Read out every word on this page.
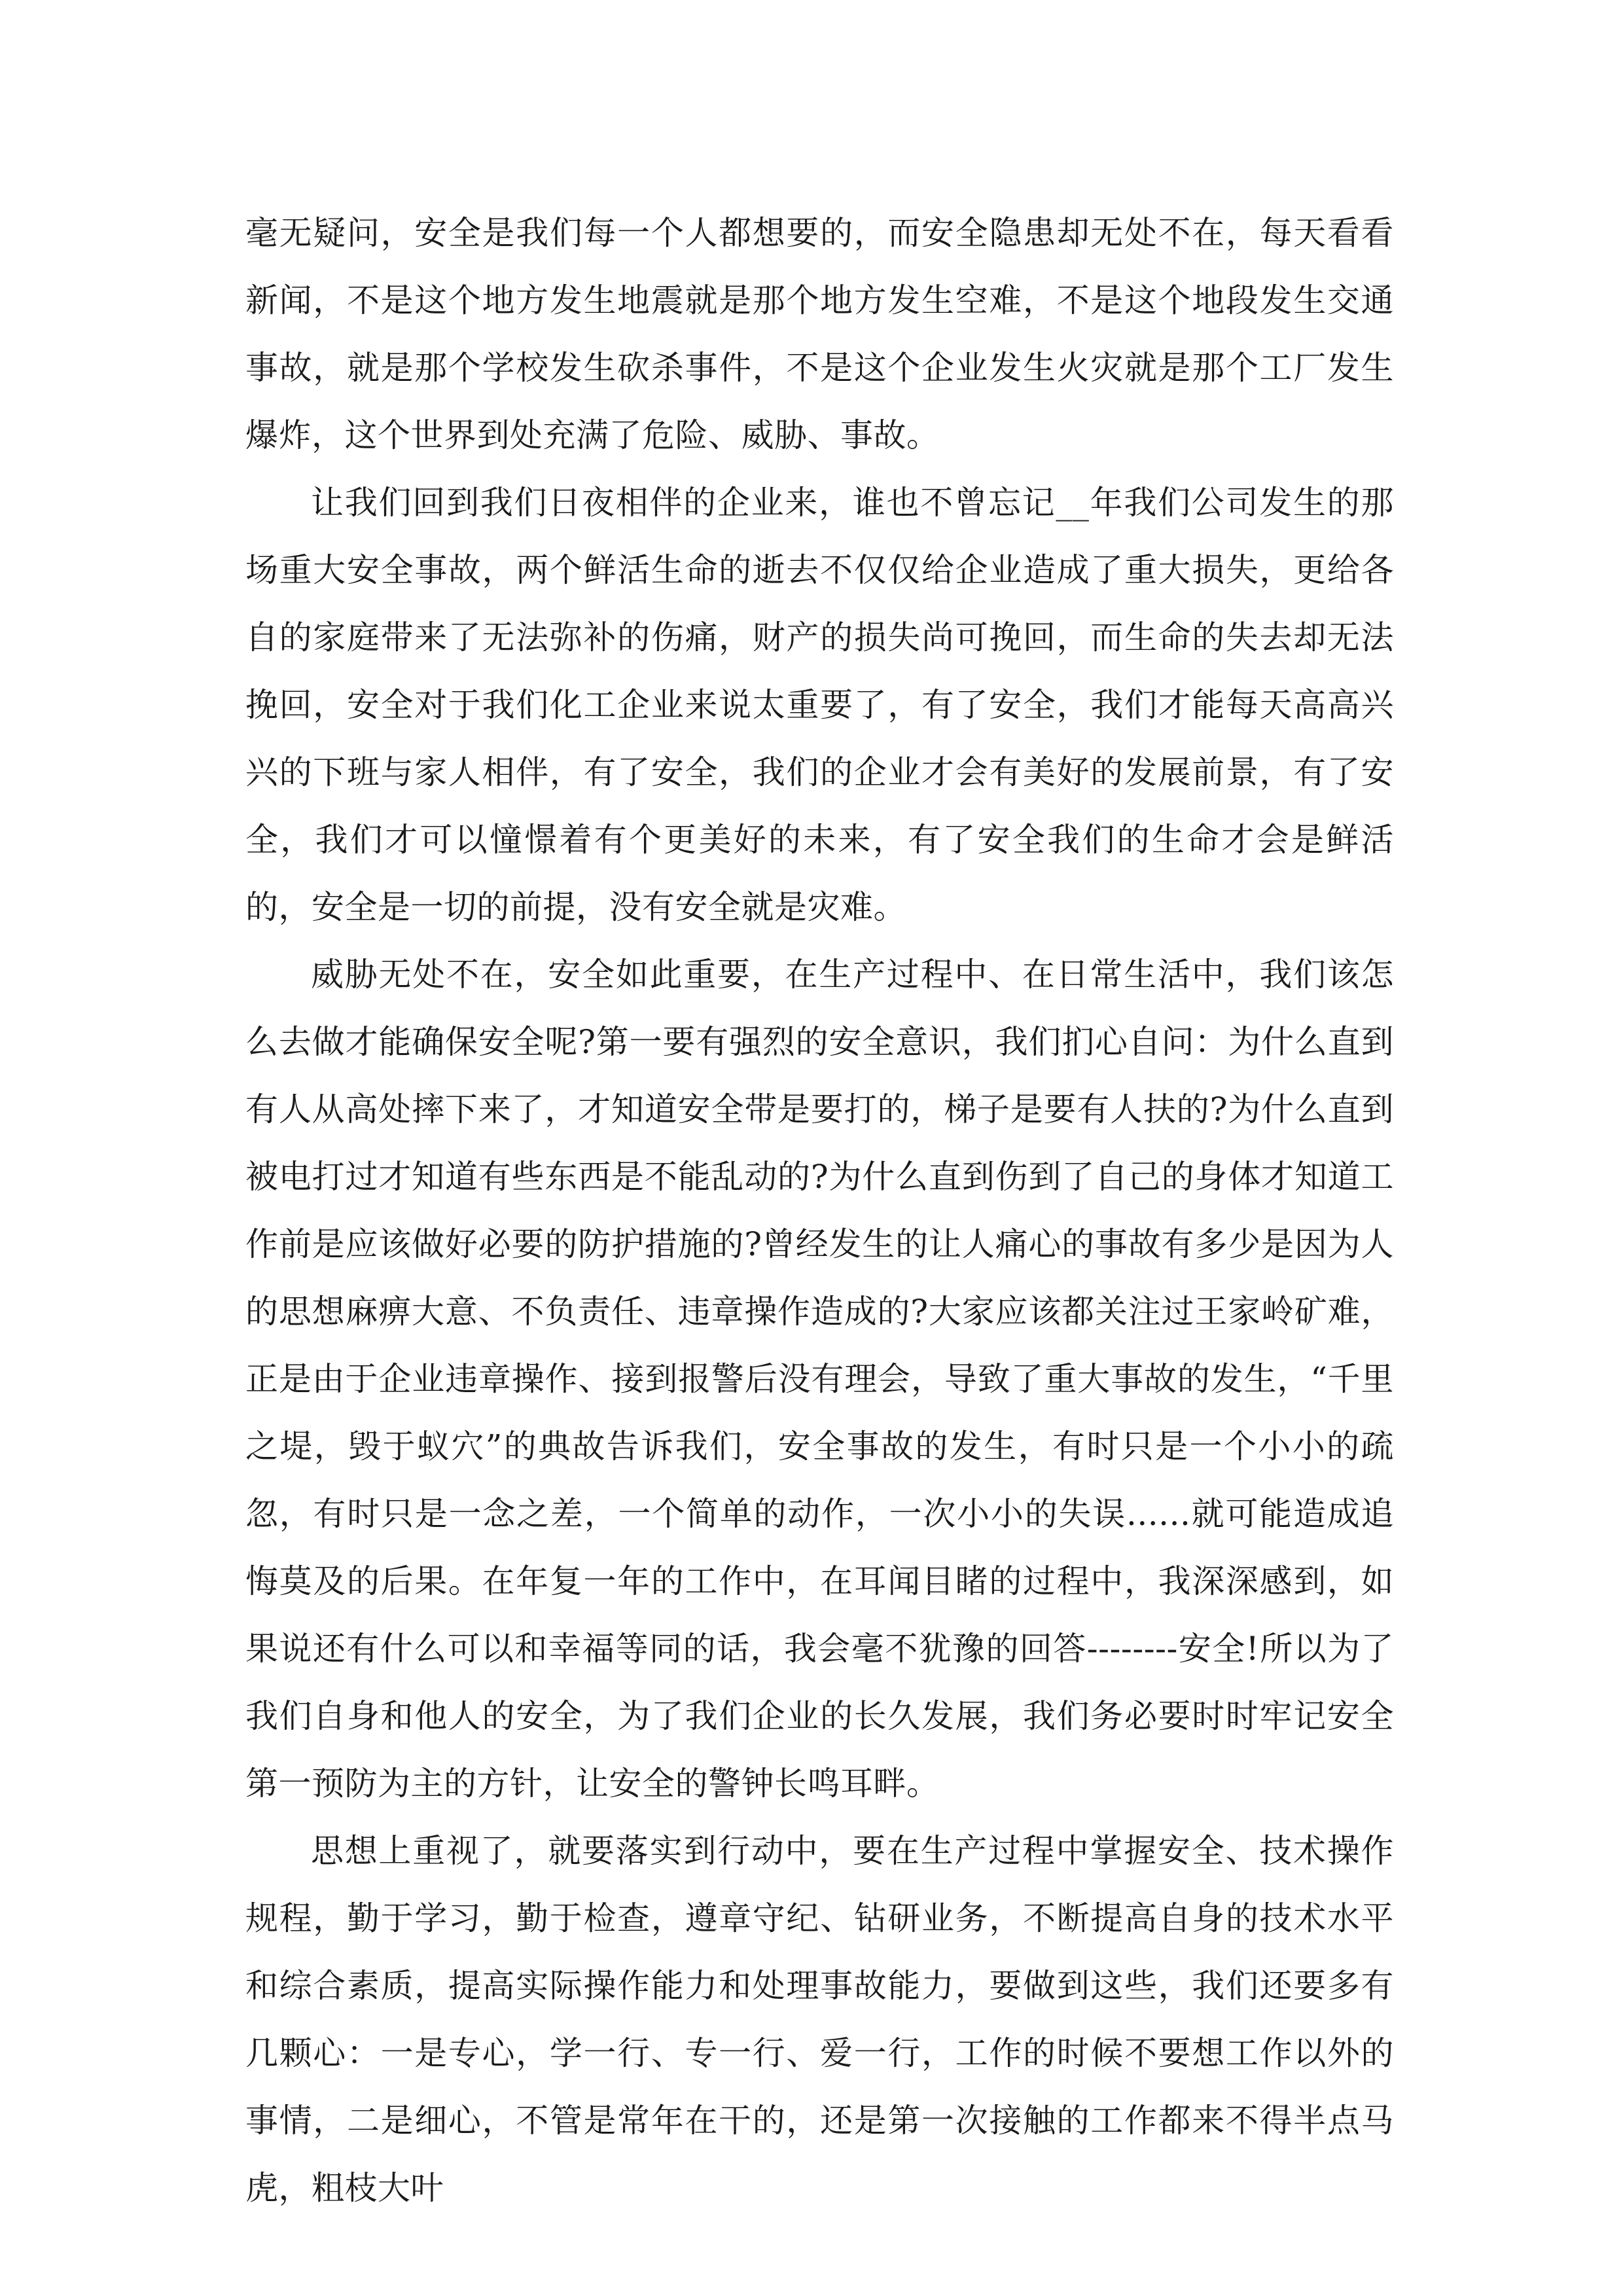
毫无疑问，安全是我们每一个人都想要的，而安全隐患却无处不在，每天看看新闻，不是这个地方发生地震就是那个地方发生空难，不是这个地段发生交通事故，就是那个学校发生砍杀事件，不是这个企业发生火灾就是那个工厂发生爆炸，这个世界到处充满了危险、威胁、事故。

让我们回到我们日夜相伴的企业来，谁也不曾忘记__年我们公司发生的那场重大安全事故，两个鲜活生命的逝去不仅仅给企业造成了重大损失，更给各自的家庭带来了无法弥补的伤痛，财产的损失尚可挽回，而生命的失去却无法挽回，安全对于我们化工企业来说太重要了，有了安全，我们才能每天高高兴兴的下班与家人相伴，有了安全，我们的企业才会有美好的发展前景，有了安全，我们才可以憧憬着有个更美好的未来，有了安全我们的生命才会是鲜活的，安全是一切的前提，没有安全就是灾难。

威胁无处不在，安全如此重要，在生产过程中、在日常生活中，我们该怎么去做才能确保安全呢?第一要有强烈的安全意识，我们扪心自问：为什么直到有人从高处摔下来了，才知道安全带是要打的，梯子是要有人扶的?为什么直到被电打过才知道有些东西是不能乱动的?为什么直到伤到了自己的身体才知道工作前是应该做好必要的防护措施的?曾经发生的让人痛心的事故有多少是因为人的思想麻痹大意、不负责任、违章操作造成的?大家应该都关注过王家岭矿难，正是由于企业违章操作、接到报警后没有理会，导致了重大事故的发生，“千里之堤，毁于蚁穴”的典故告诉我们，安全事故的发生，有时只是一个小小的疏忽，有时只是一念之差，一个简单的动作，一次小小的失误......就可能造成追悔莫及的后果。在年复一年的工作中，在耳闻目睹的过程中，我深深感到，如果说还有什么可以和幸福等同的话，我会毫不犹豫的回答--------安全!所以为了我们自身和他人的安全，为了我们企业的长久发展，我们务必要时时牢记安全第一预防为主的方针，让安全的警钟长鸣耳畔。

思想上重视了，就要落实到行动中，要在生产过程中掌握安全、技术操作规程，勤于学习，勤于检查，遵章守纪、钻研业务，不断提高自身的技术水平和综合素质，提高实际操作能力和处理事故能力，要做到这些，我们还要多有几颗心：一是专心，学一行、专一行、爱一行，工作的时候不要想工作以外的事情，二是细心，不管是常年在干的，还是第一次接触的工作都来不得半点马虎，粗枝大叶
